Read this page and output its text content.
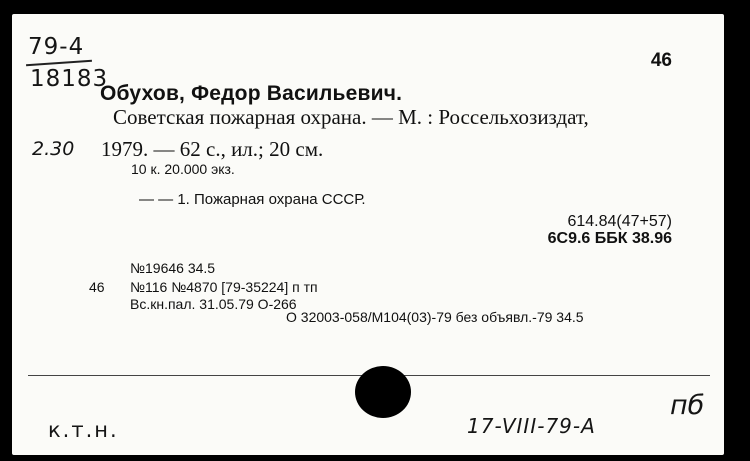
79-4
18183
2.30
46
Обухов, Федор Васильевич.
Советская пожарная охрана. — М. : Россельхозиздат,
1979. — 62 с., ил.; 20 см.
10 к. 20.000 экз.
— — 1. Пожарная охрана СССР.
614.84(47+57)
6С9.6 ББК 38.96
№19646 34.5
46 №116 №4870 [79-35224] п тп
Вс.кн.пал. 31.05.79 О-266
О 32003-058/М104(03)-79 без объявл.-79 34.5
к.т.н.	17-VIII-79-А
пб
